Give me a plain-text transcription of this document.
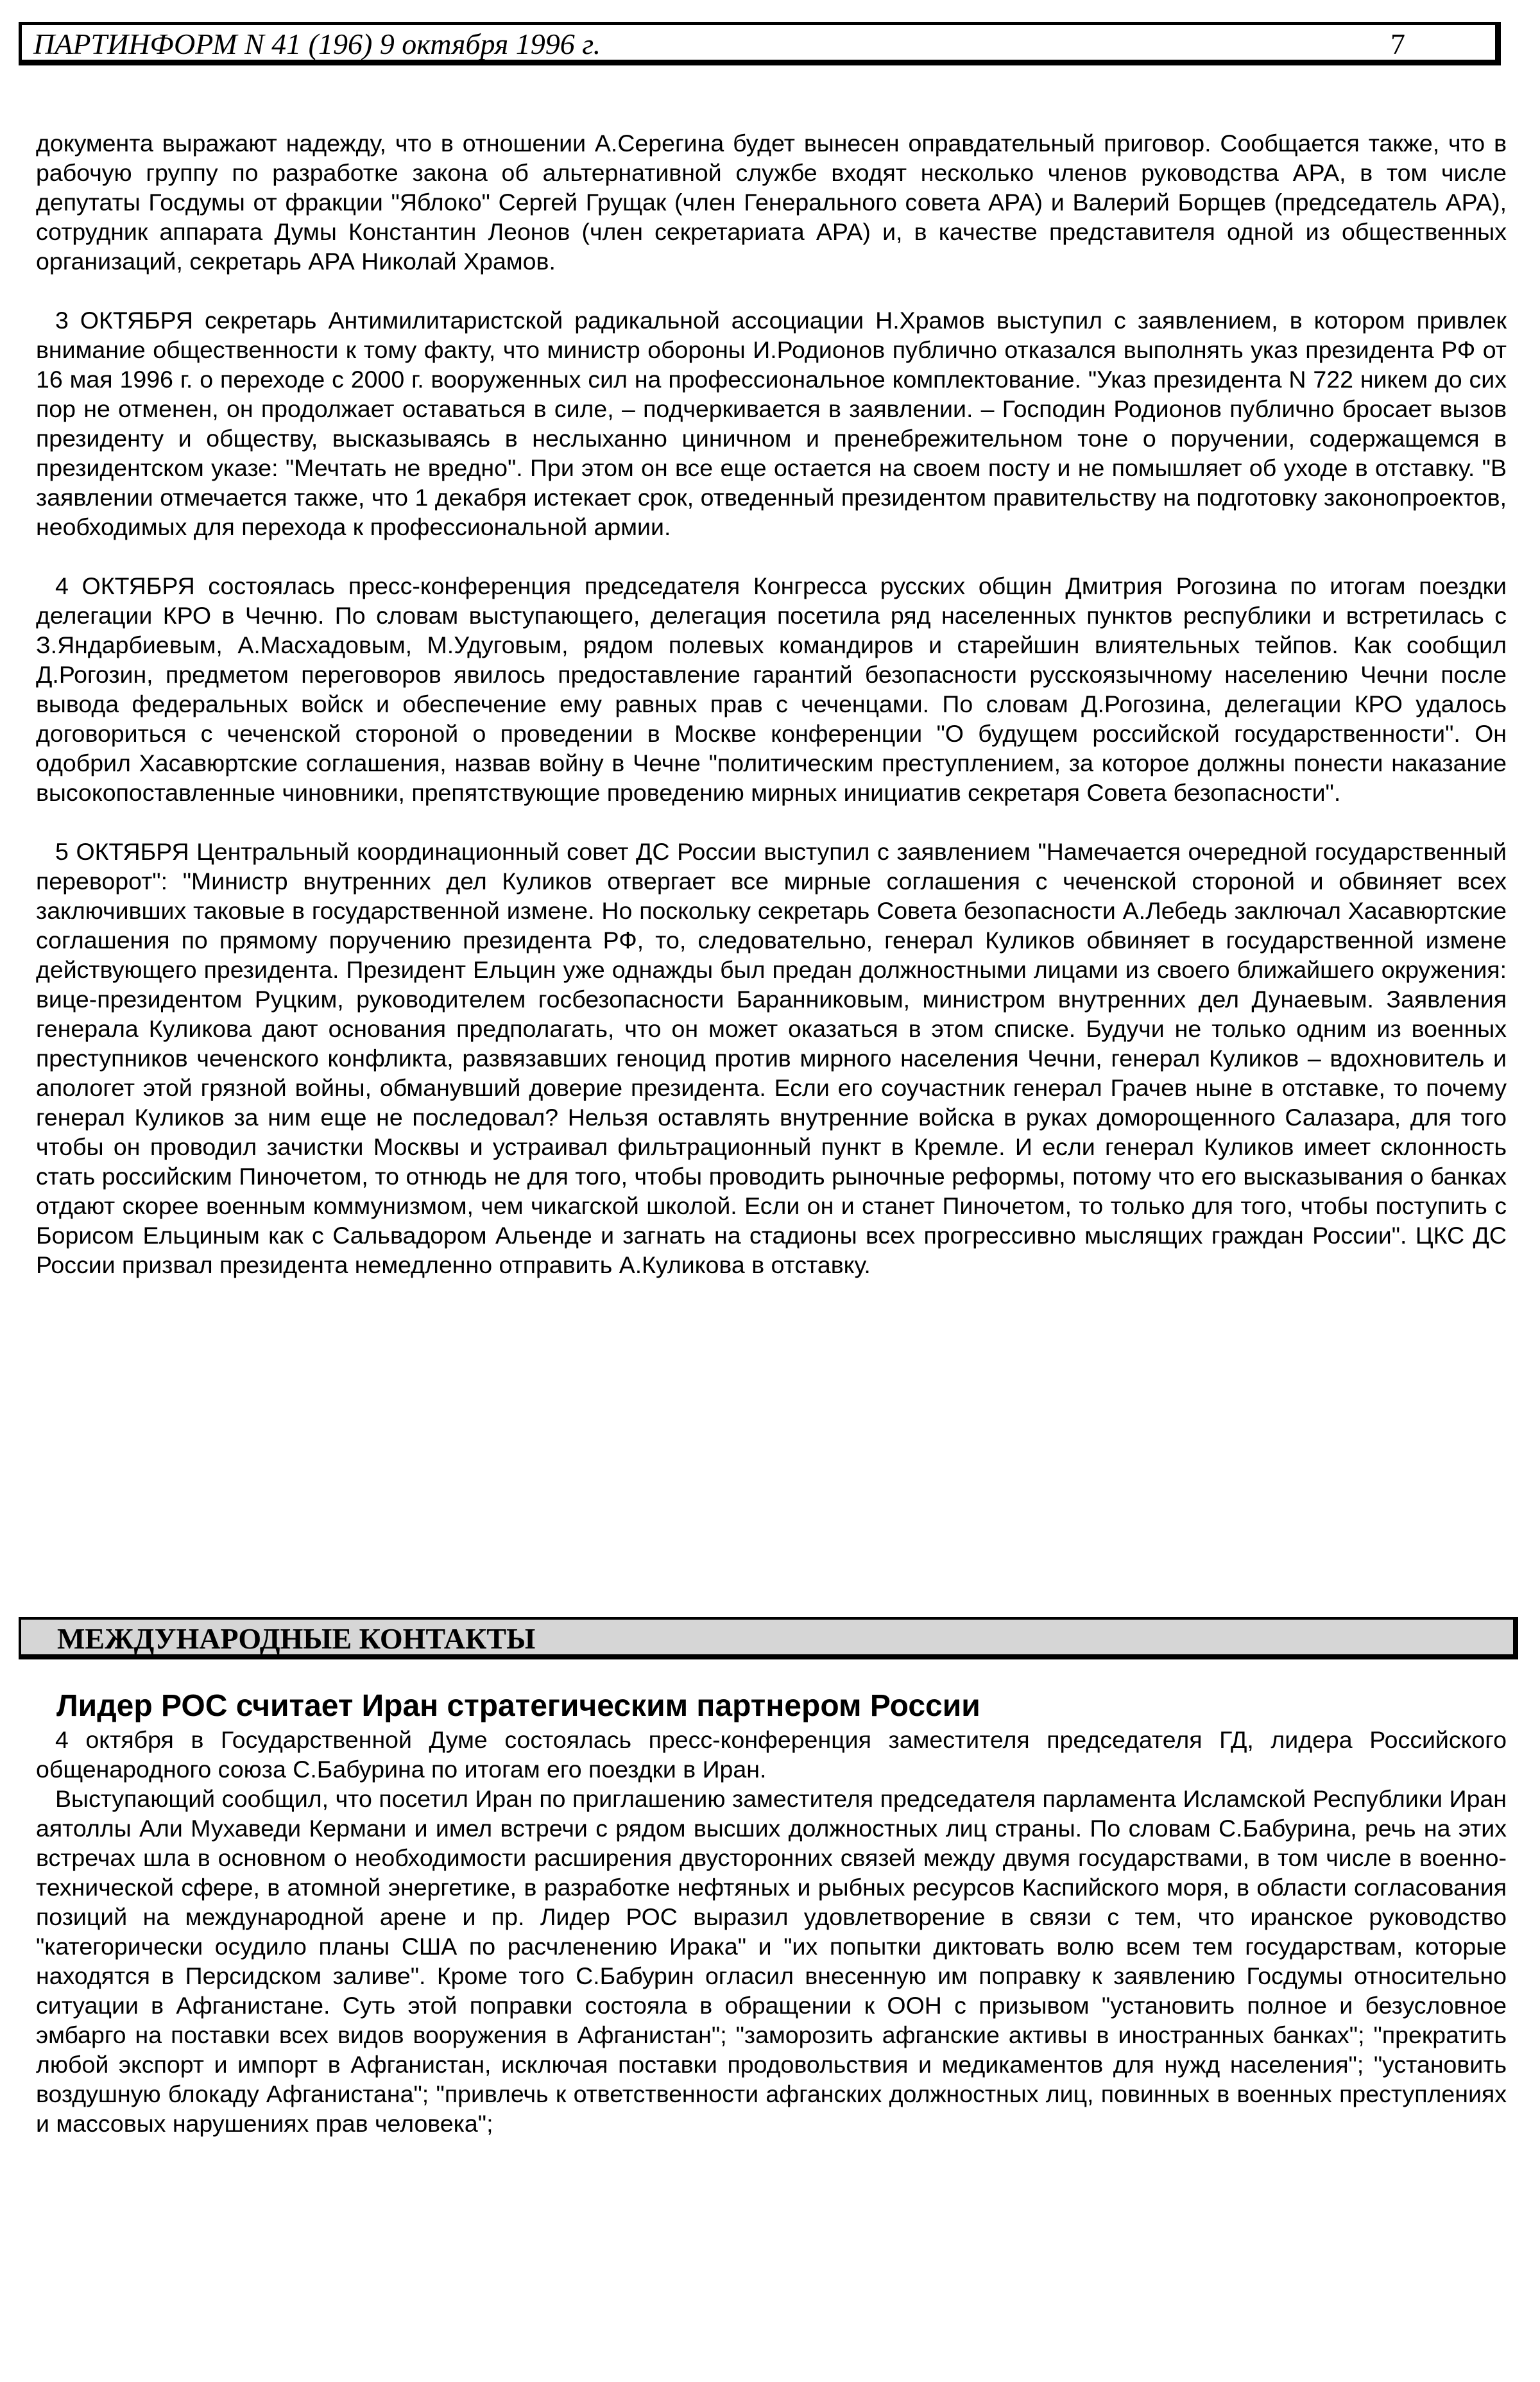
ПАРТИНФОРМ N 41 (196) 9 октября 1996 г.	7

документа выражают надежду, что в отношении А.Серегина будет вынесен оправдательный приговор. Сообщается также, что в рабочую группу по разработке закона об альтернативной службе входят несколько членов руководства АРА, в том числе депутаты Госдумы от фракции "Яблоко" Сергей Грущак (член Генерального совета АРА) и Валерий Борщев (председатель АРА), сотрудник аппарата Думы Константин Леонов (член секретариата АРА) и, в качестве представителя одной из общественных организаций, секретарь АРА Николай Храмов.

3 ОКТЯБРЯ секретарь Антимилитаристской радикальной ассоциации Н.Храмов выступил с заявлением, в котором привлек внимание общественности к тому факту, что министр обороны И.Родионов публично отказался выполнять указ президента РФ от 16 мая 1996 г. о переходе с 2000 г. вооруженных сил на профессиональное комплектование. "Указ президента N 722 никем до сих пор не отменен, он продолжает оставаться в силе, – подчеркивается в заявлении. – Господин Родионов публично бросает вызов президенту и обществу, высказываясь в неслыханно циничном и пренебрежительном тоне о поручении, содержащемся в президентском указе: "Мечтать не вредно". При этом он все еще остается на своем посту и не помышляет об уходе в отставку. "В заявлении отмечается также, что 1 декабря истекает срок, отведенный президентом правительству на подготовку законопроектов, необходимых для перехода к профессиональной армии.

4 ОКТЯБРЯ состоялась пресс-конференция председателя Конгресса русских общин Дмитрия Рогозина по итогам поездки делегации КРО в Чечню. По словам выступающего, делегация посетила ряд населенных пунктов республики и встретилась с З.Яндарбиевым, А.Масхадовым, М.Удуговым, рядом полевых командиров и старейшин влиятельных тейпов. Как сообщил Д.Рогозин, предметом переговоров явилось предоставление гарантий безопасности русскоязычному населению Чечни после вывода федеральных войск и обеспечение ему равных прав с чеченцами. По словам Д.Рогозина, делегации КРО удалось договориться с чеченской стороной о проведении в Москве конференции "О будущем российской государственности". Он одобрил Хасавюртские соглашения, назвав войну в Чечне "политическим преступлением, за которое должны понести наказание высокопоставленные чиновники, препятствующие проведению мирных инициатив секретаря Совета безопасности".

5 ОКТЯБРЯ Центральный координационный совет ДС России выступил с заявлением "Намечается очередной государственный переворот": "Министр внутренних дел Куликов отвергает все мирные соглашения с чеченской стороной и обвиняет всех заключивших таковые в государственной измене. Но поскольку секретарь Совета безопасности А.Лебедь заключал Хасавюртские соглашения по прямому поручению президента РФ, то, следовательно, генерал Куликов обвиняет в государственной измене действующего президента. Президент Ельцин уже однажды был предан должностными лицами из своего ближайшего окружения: вице-президентом Руцким, руководителем госбезопасности Баранниковым, министром внутренних дел Дунаевым. Заявления генерала Куликова дают основания предполагать, что он может оказаться в этом списке. Будучи не только одним из военных преступников чеченского конфликта, развязавших геноцид против мирного населения Чечни, генерал Куликов – вдохновитель и апологет этой грязной войны, обманувший доверие президента. Если его соучастник генерал Грачев ныне в отставке, то почему генерал Куликов за ним еще не последовал? Нельзя оставлять внутренние войска в руках доморощенного Салазара, для того чтобы он проводил зачистки Москвы и устраивал фильтрационный пункт в Кремле. И если генерал Куликов имеет склонность стать российским Пиночетом, то отнюдь не для того, чтобы проводить рыночные реформы, потому что его высказывания о банках отдают скорее военным коммунизмом, чем чикагской школой. Если он и станет Пиночетом, то только для того, чтобы поступить с Борисом Ельциным как с Сальвадором Альенде и загнать на стадионы всех прогрессивно мыслящих граждан России". ЦКС ДС России призвал президента немедленно отправить А.Куликова в отставку.

МЕЖДУНАРОДНЫЕ КОНТАКТЫ
Лидер РОС считает Иран стратегическим партнером России

4 октября в Государственной Думе состоялась пресс-конференция заместителя председателя ГД, лидера Российского общенародного союза С.Бабурина по итогам его поездки в Иран.

Выступающий сообщил, что посетил Иран по приглашению заместителя председателя парламента Исламской Республики Иран аятоллы Али Мухаведи Кермани и имел встречи с рядом высших должностных лиц страны. По словам С.Бабурина, речь на этих встречах шла в основном о необходимости расширения двусторонних связей между двумя государствами, в том числе в военно-технической сфере, в атомной энергетике, в разработке нефтяных и рыбных ресурсов Каспийского моря, в области согласования позиций на международной арене и пр. Лидер РОС выразил удовлетворение в связи с тем, что иранское руководство "категорически осудило планы США по расчленению Ирака" и "их попытки диктовать волю всем тем государствам, которые находятся в Персидском заливе". Кроме того С.Бабурин огласил внесенную им поправку к заявлению Госдумы относительно ситуации в Афганистане. Суть этой поправки состояла в обращении к ООН с призывом "установить полное и безусловное эмбарго на поставки всех видов вооружения в Афганистан"; "заморозить афганские активы в иностранных банках"; "прекратить любой экспорт и импорт в Афганистан, исключая поставки продовольствия и медикаментов для нужд населения"; "установить воздушную блокаду Афганистана"; "привлечь к ответственности афганских должностных лиц, повинных в военных преступлениях и массовых нарушениях прав человека";
